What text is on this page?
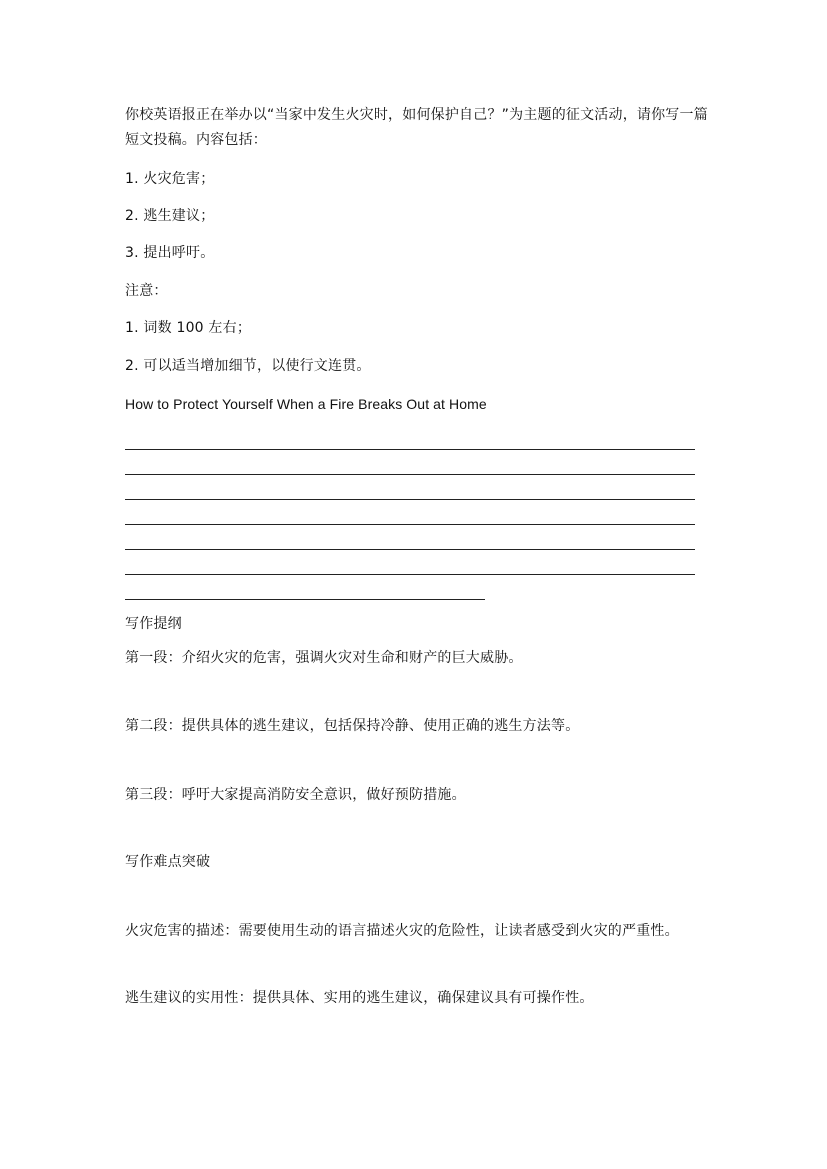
你校英语报正在举办以“当家中发生火灾时，如何保护自己？”为主题的征文活动，请你写一篇短文投稿。内容包括：
1. 火灾危害；
2. 逃生建议；
3. 提出呼吁。
注意：
1. 词数 100 左右；
2. 可以适当增加细节，以使行文连贯。
How to Protect Yourself When a Fire Breaks Out at Home
写作提纲
第一段：介绍火灾的危害，强调火灾对生命和财产的巨大威胁。
第二段：提供具体的逃生建议，包括保持冷静、使用正确的逃生方法等。
第三段：呼吁大家提高消防安全意识，做好预防措施。
写作难点突破
火灾危害的描述：需要使用生动的语言描述火灾的危险性，让读者感受到火灾的严重性。
逃生建议的实用性：提供具体、实用的逃生建议，确保建议具有可操作性。
